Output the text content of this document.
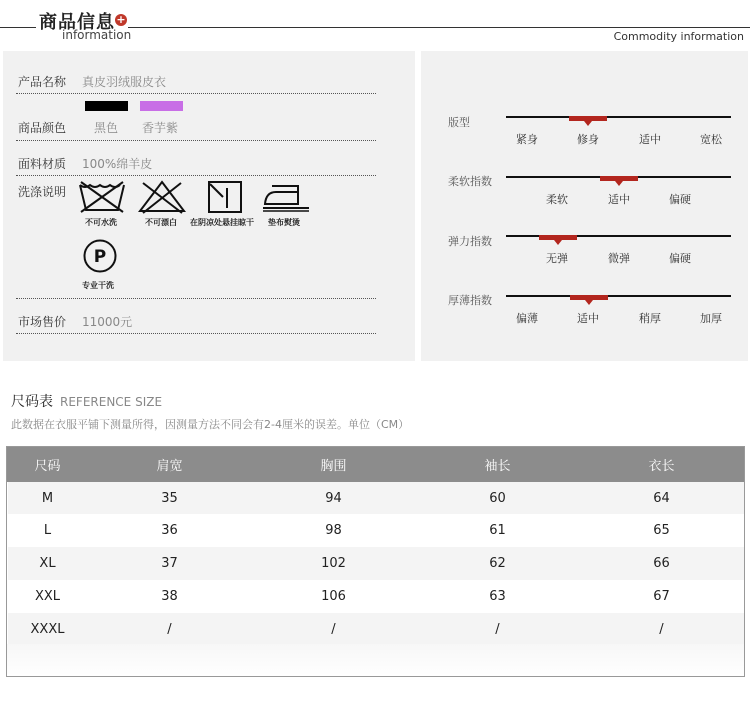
商品信息 +
information	Commodity information
产品名称 真皮羽绒服皮衣
商品颜色 黑色 香芋紫
面料材质 100%绵羊皮
洗涤说明
不可水洗	不可漂白 在阴凉处悬挂晾干 垫布熨烫
P
专业干洗
市场售价 11000元
版型
紧身	修身	适中	宽松
柔软指数
柔软	适中	偏硬
弹力指数
无弹	微弹	偏硬
厚薄指数
偏薄	适中	稍厚	加厚
尺码表 REFERENCE SIZE
此数据在衣服平铺下测量所得，因测量方法不同会有2-4厘米的误差。单位（CM）
尺码	肩宽	胸围	袖长	衣长
M	35	94	60	64
L	36	98	61	65
XL	37	102	62	66
XXL	38	106	63	67
XXXL	/	/	/	/
